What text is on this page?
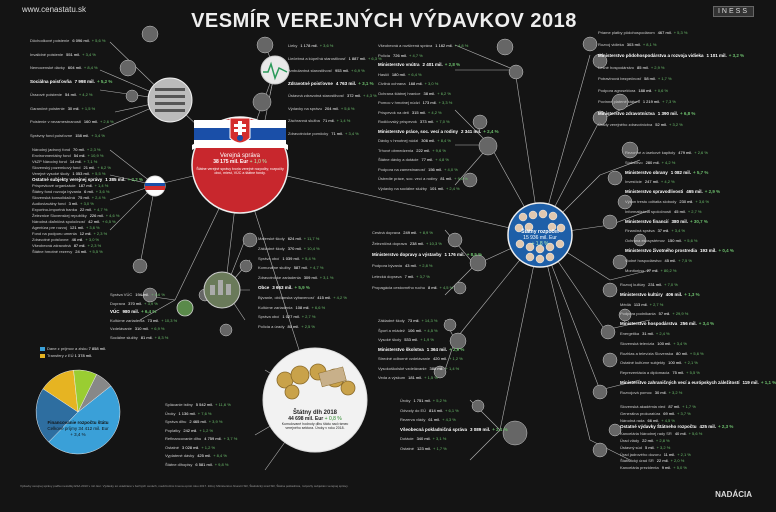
www.cenastatu.sk
VESMÍR VEREJNÝCH VÝDAVKOV 2018	INESS
Verejná správa
38 175 mil. Eur + 1,0 %
Štátne verejné správy tvoria verejné rozpočty; rozpočty obcí, miest, VÚC a štátne fondy.
Štátny rozpočet
15 936 mil. Eur
+ 1,8 %
Štátny dlh 2018
44 698 mil. Eur + 0,8 %
Kumulované hodnoty dlhu štátu nad rámec verejného sektora. Úroky v roku 2018.
Financovanie rozpočtu štátu
Celkové príjmy 34 412 mil. Eur
+ 3,4 %
Dane z príjmov a zisku 7 858 mil.
Transfery z EÚ 1 378 mil.
Dôchodkové poistenie 6 096 mil. + 5,6 %
Invalidné poistenie 551 mil. + 3,4 %
Nemocenské dávky 604 mil. + 8,4 %
Sociálna poisťovňa 7 998 mil. + 5,2 %
Úrazové poistenie 54 mil. + 4,2 %
Garančné poistenie 30 mil. + 1,5 %
Poistenie v nezamestnanosti 160 mil. + 2,6 %
Správny fond poisťovne 158 mil. + 3,4 %
Národný jadrový fond 70 mil. + 2,3 %
Environmentálny fond 54 mil. + 10,9 %
VšZP Národný fond 14 mil. + 7,1 %
Slovenský pozemkový fond 21 mil. + 6,2 %
Verejné vysoké školy 1 053 mil. + 5,5 %
Ostatné subjekty verejnej správy 1 385 mil. + 2,2 %
Príspevkové organizácie 187 mil. + 1,4 %
Štátny fond rozvoja bývania 6 mil. + 3,6 %
Slovenská konsolidačná 75 mil. + 2,4 %
Audiovizuálny fond 3 mil. + 3,0 %
Exportno-importná banka 22 mil. + 4,7 %
Železnice Slovenskej republiky 226 mil. + 4,6 %
Národná diaľničná spoločnosť 42 mil. + 6,5 %
Agentúra pre rozvoj 121 mil. + 3,6 %
Fond na podporu umenia 12 mil. + 2,3 %
Zdravotné poisťovne 46 mil. + 3,0 %
Všeobecná zdravotná 87 mil. + 2,3 %
Štátne hmotné rezervy 24 mil. + 5,5 %
Správa VÚC 194 mil. + 4,6 %
Doprava 370 mil. + 3,9 %
VÚC 980 mil. + 6,4 %
Kultúrne zariadenia 73 mil. + 10,3 %
Vzdelávanie 310 mil. + 6,9 %
Sociálne služby 81 mil. + 8,3 %
Lieky 1 178 mil. + 3,6 %
Liečebná a kúpeľná starostlivosť 1 887 mil. + 6,3 %
Ambulantná starostlivosť 953 mil. + 6,9 %
Zdravotné poisťovne 4 763 mil. + 3,1 %
Ústavná zdravotná starostlivosť 372 mil. + 4,3 %
Výdavky na správu 204 mil. + 5,6 %
Záchranná služba 71 mil. + 1,4 %
Zdravotnícke pomôcky 71 mil. + 3,4 %
Materské školy 624 mil. + 11,7 %
Základné školy 370 mil. + 10,4 %
Správa obcí 1 039 mil. + 5,4 %
Komunálne služby 587 mil. + 4,7 %
Zdravotnícke zariadenia 309 mil. + 3,1 %
Obce 3 663 mil. + 5,9 %
Bývanie, občianska vybavenosť 415 mil. + 4,2 %
Kultúrne zariadenia 108 mil. + 6,6 %
Správa obcí 1 027 mil. + 2,7 %
Polícia a úrady 80 mil. + 2,5 %
Všeobecná a rozšírená správa 1 162 mil. + 4,8 %
Polícia 726 mil. + 4,7 %
Ministerstvo vnútra 2 401 mil. + 2,8 %
Hasiči 180 mil. + 6,4 %
Civilná ochrana 168 mil. + 3,0 %
Ochrana štátnej hranice 38 mil. + 6,2 %
Pomoc v hmotnej núdzi 173 mil. + 3,3 %
Príspevok na deti 315 mil. + 4,2 %
Rodičovský príspevok 373 mil. + 7,0 %
Ministerstvo práce, soc. vecí a rodiny 2 341 mil. + 2,4 %
Dávky v hmotnej núdzi 306 mil. + 8,4 %
Trhové obmedzenia 222 mil. + 9,6 %
Štátne dávky a dotácie 77 mil. + 4,8 %
Podpora na zamestnanosť 156 mil. + 4,0 %
Ústredie práce, soc. vecí a rodiny 81 mil. + 9,8 %
Výdavky na sociálne služby 101 mil. + 2,4 %
Cestná doprava 249 mil. + 8,9 %
Železničná doprava 238 mil. + 10,3 %
Ministerstvo dopravy a výstavby 1 176 mil. + 8,5 %
Podpora bývania 43 mil. + 2,8 %
Letecká doprava 7 mil. + 3,7 %
Propagácia cestovného ruchu 8 mil. + 4,5 %
Základné školy 73 mil. + 14,3 %
Šport a mládež 106 mil. + 4,5 %
Vysoké školy 533 mil. + 1,9 %
Ministerstvo školstva 1 364 mil. + 2,9 %
Stredné odborné vzdelávanie 420 mil. + 1,2 %
Vysokoškolské vzdelávanie 380 mil. + 1,4 %
Veda a výskum 181 mil. + 1,5 %
Splácanie istiny 5 542 mil. + 11,6 %
Úroky 1 136 mil. + 7,6 %
Správa dlhu 2 465 mil. + 3,9 %
Poplatky 242 mil. + 1,2 %
Refinancovanie dlhu 4 759 mil. + 3,7 %
Ostatné 3 028 mil. + 1,2 %
Vyplatené dávky 425 mil. + 8,4 %
Štátne dlhopisy 6 581 mil. + 9,8 %
Priame platby pôdohospodárom 467 mil. + 5,3 %
Rozvoj vidieka 303 mil. + 8,1 %
Ministerstvo pôdohospodárstva a rozvoja vidieka 1 101 mil. + 3,2 %
Lesné hospodárstvo 85 mil. + 2,9 %
Potravinová bezpečnosť 58 mil. + 1,7 %
Podpora agrosektora 188 mil. + 0,6 %
Povinné platené štátom 1 219 mil. + 7,3 %
Ministerstvo zdravotníctva 1 390 mil. + 6,8 %
Úrady verejného zdravotníctva 52 mil. + 3,2 %
Rezortné a úsekové kapitoly 479 mil. + 2,6 %
Súdnictvo 280 mil. + 4,2 %
Ministerstvo obrany 1 082 mil. + 5,7 %
Investície 247 mil. + 4,2 %
Ministerstvo spravodlivosti 465 mil. + 2,9 %
Výkon trestu odňatia slobody 230 mil. + 3,6 %
Informatizácia spoločnosti 45 mil. + 2,7 %
Ministerstvo financií 380 mil. + 30,7 %
Finančná správa 37 mil. + 3,4 %
Ochrana ekosystémov 150 mil. + 5,6 %
Ministerstvo životného prostredia 193 mil. + 0,4 %
Vodné hospodárstvo 45 mil. + 7,5 %
Monitoring 27 mil. + 80,2 %
Rozvoj kultúry 231 mil. + 7,0 %
Ministerstvo kultúry 406 mil. + 1,3 %
Médiá 113 mil. + 2,7 %
Podpora podnikania 57 mil. + 29,9 %
Ministerstvo hospodárstva 256 mil. + 3,4 %
Energetika 31 mil. + 2,4 %
Slovenská televízia 100 mil. + 3,4 %
Rozhlas a televízia Slovenska 80 mil. + 5,6 %
Ostatné kultúrne subjekty 100 mil. + 2,1 %
Reprezentácia a diplomacia 75 mil. + 5,5 %
Ministerstvo zahraničných vecí a európskych záležitostí 119 mil. + 1,1 %
Rozvojová pomoc 30 mil. + 3,2 %
Slovenská akadémia vied 87 mil. + 1,7 %
Generálna prokuratúra 69 mil. + 3,7 %
Národná rada 66 mil. + 4,5 %
Ostatné výdavky Štátneho rozpočtu 425 mil. + 2,3 %
Kancelária Národnej rady SR 40 mil. + 5,6 %
Úrad vlády 22 mil. + 2,8 %
Ústavný súd 5 mil. + 3,2 %
Úrad jadrového dozoru 11 mil. + 2,1 %
Štatistický úrad SR 22 mil. + 2,0 %
Kancelária prezidenta 9 mil. + 5,0 %
Úroky 1 751 mil. + 5,2 %
Odvody do EÚ 814 mil. + 6,1 %
Rezerva vlády 61 mil. + 4,3 %
Všeobecná pokladničná správa 3 089 mil. + 2,1 %
Dotácie 340 mil. + 3,1 %
Ostatné 123 mil. + 1,7 %
Výdavky verejnej správy podľa metodiky ESA 2010 v mil. Eur. Výdavky sú uvádzané v bežných cenách, medziročná zmena oproti roku 2017. Zdroj: Ministerstvo financií SR, Štatistický úrad SR, Štátna pokladnica, rozpočty subjektov verejnej správy.
NADÁCIA
